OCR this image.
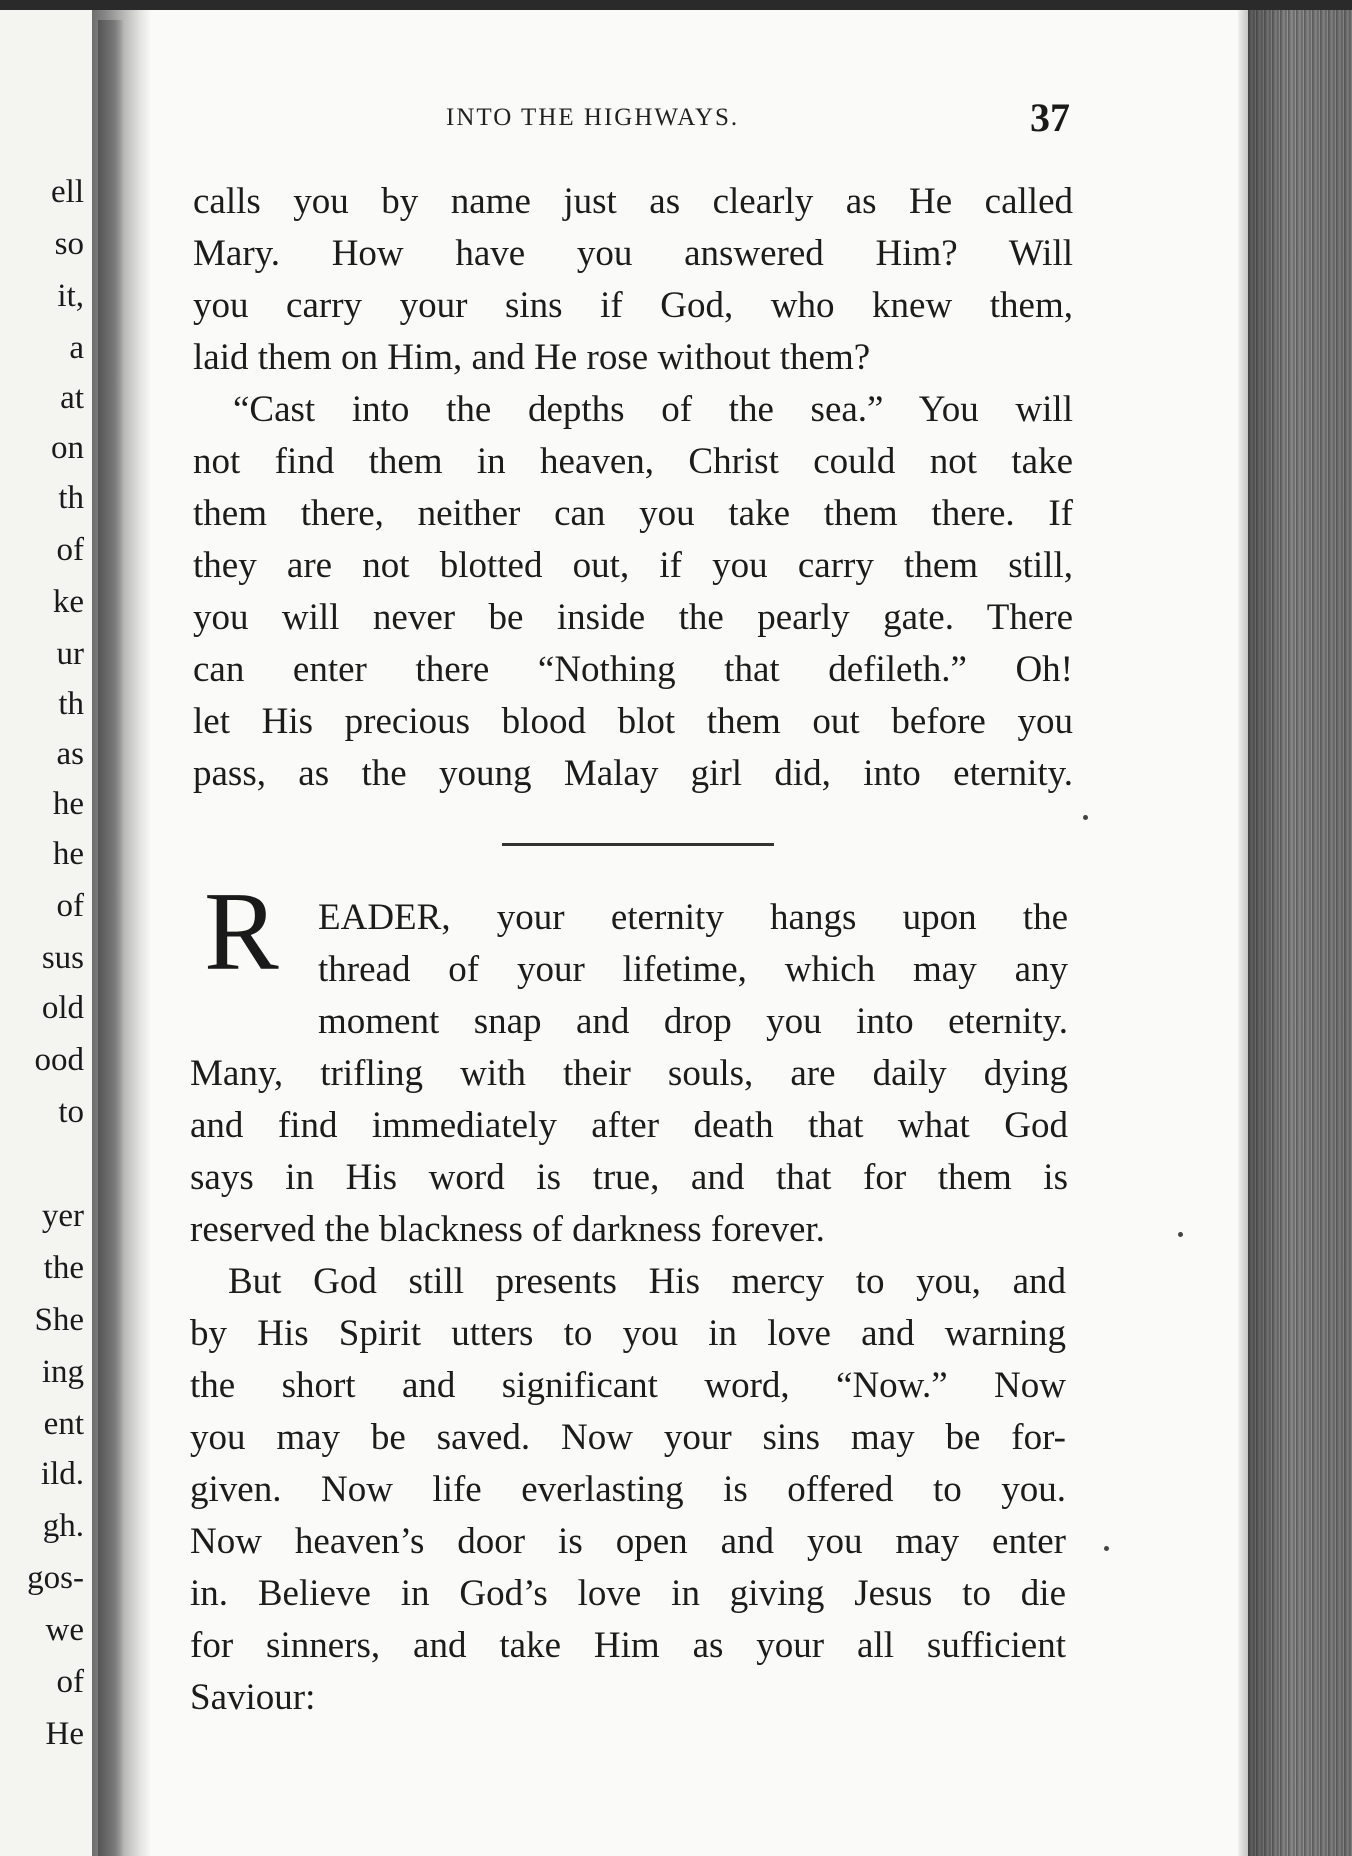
ell
so
it,
a
at
on
th
of
ke
ur
th
as
he
he
of
sus
old
ood
to
yer
the
She
ing
ent
ild.
gh.
gos-
we
of
He
INTO THE HIGHWAYS.	37
calls you by name just as clearly as He called
Mary. How have you answered Him? Will
you carry your sins if God, who knew them,
laid them on Him, and He rose without them?
“Cast into the depths of the sea.” You will
not find them in heaven, Christ could not take
them there, neither can you take them there. If
they are not blotted out, if you carry them still,
you will never be inside the pearly gate. There
can enter there “Nothing that defileth.” Oh!
let His precious blood blot them out before you
pass, as the young Malay girl did, into eternity.
R EADER, your eternity hangs upon the
thread of your lifetime, which may any
moment snap and drop you into eternity.
Many, trifling with their souls, are daily dying
and find immediately after death that what God
says in His word is true, and that for them is
reserved the blackness of darkness forever.
But God still presents His mercy to you, and
by His Spirit utters to you in love and warning
the short and significant word, “Now.” Now
you may be saved. Now your sins may be for-
given. Now life everlasting is offered to you.
Now heaven’s door is open and you may enter
in. Believe in God’s love in giving Jesus to die
for sinners, and take Him as your all sufficient
Saviour:
